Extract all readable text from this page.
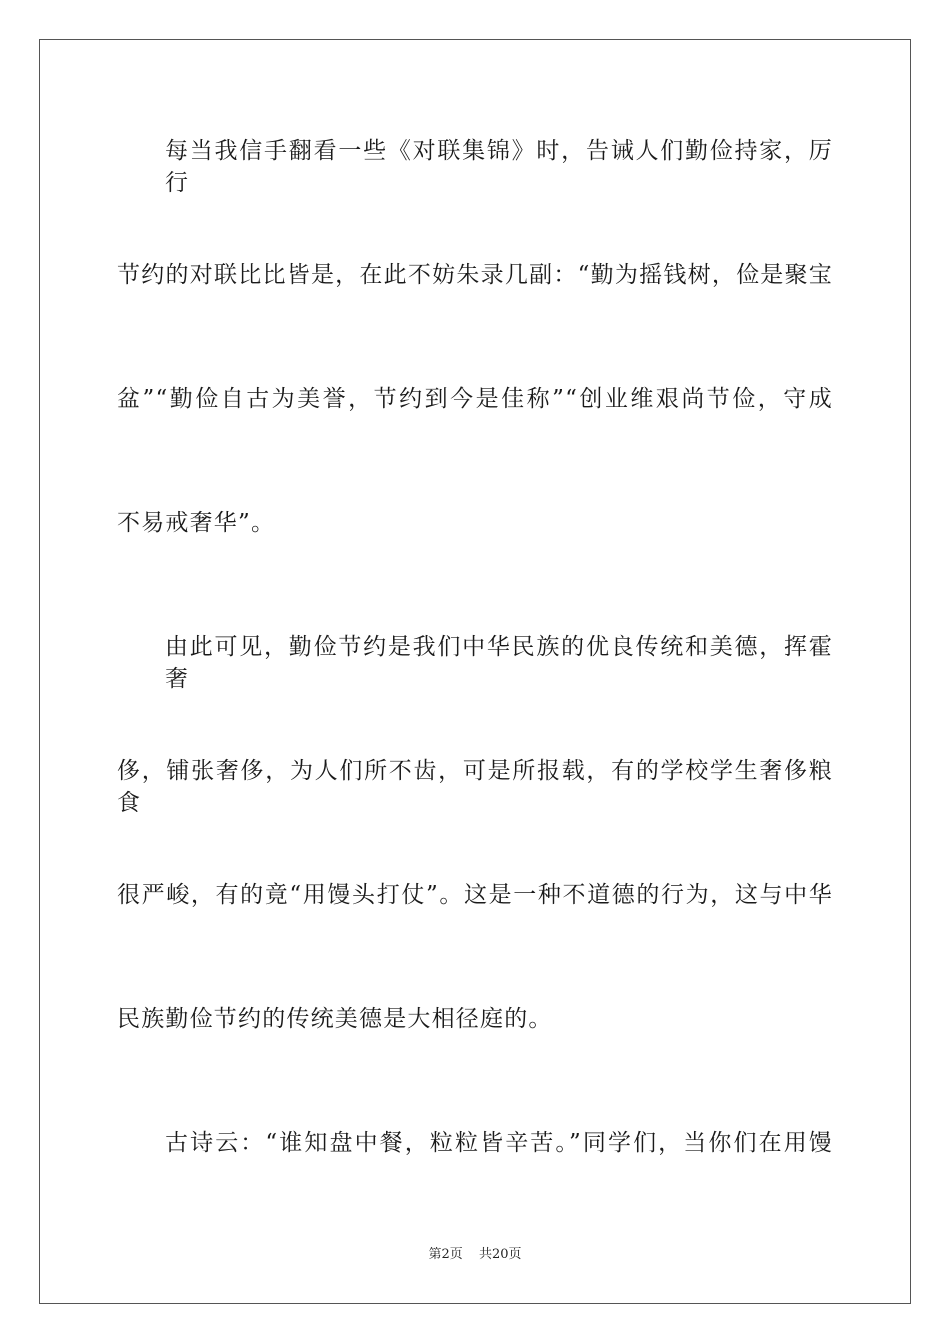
每当我信手翻看一些《对联集锦》时，告诫人们勤俭持家，厉行
节约的对联比比皆是，在此不妨朱录几副：“勤为摇钱树，俭是聚宝
盆”“勤俭自古为美誉，节约到今是佳称”“创业维艰尚节俭，守成
不易戒奢华”。
由此可见，勤俭节约是我们中华民族的优良传统和美德，挥霍奢
侈，铺张奢侈，为人们所不齿，可是所报载，有的学校学生奢侈粮食
很严峻，有的竟“用馒头打仗”。这是一种不道德的行为，这与中华
民族勤俭节约的传统美德是大相径庭的。
古诗云：“谁知盘中餐，粒粒皆辛苦。”同学们，当你们在用馒
第2页 共20页
